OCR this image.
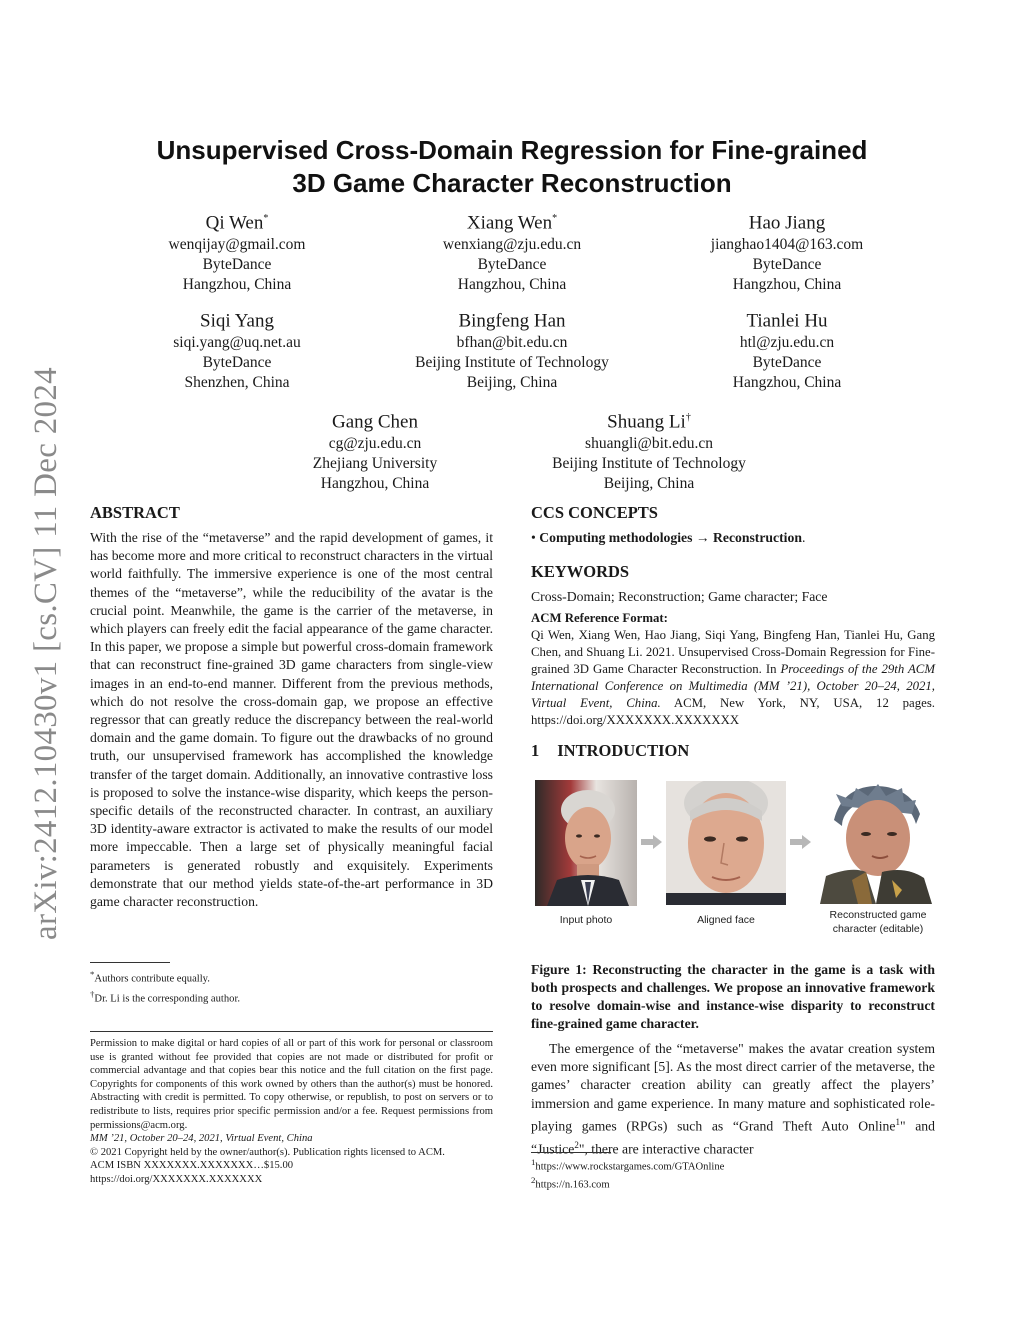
arXiv:2412.10430v1 [cs.CV] 11 Dec 2024
Unsupervised Cross-Domain Regression for Fine-grained
3D Game Character Reconstruction
Qi Wen*
wenqijay@gmail.com
ByteDance
Hangzhou, China
Xiang Wen*
wenxiang@zju.edu.cn
ByteDance
Hangzhou, China
Hao Jiang
jianghao1404@163.com
ByteDance
Hangzhou, China
Siqi Yang
siqi.yang@uq.net.au
ByteDance
Shenzhen, China
Bingfeng Han
bfhan@bit.edu.cn
Beijing Institute of Technology
Beijing, China
Tianlei Hu
htl@zju.edu.cn
ByteDance
Hangzhou, China
Gang Chen
cg@zju.edu.cn
Zhejiang University
Hangzhou, China
Shuang Li†
shuangli@bit.edu.cn
Beijing Institute of Technology
Beijing, China
ABSTRACT

With the rise of the “metaverse” and the rapid development of games, it has become more and more critical to reconstruct characters in the virtual world faithfully. The immersive experience is one of the most central themes of the “metaverse”, while the reducibility of the avatar is the crucial point. Meanwhile, the game is the carrier of the metaverse, in which players can freely edit the facial appearance of the game character. In this paper, we propose a simple but powerful cross-domain framework that can reconstruct fine-grained 3D game characters from single-view images in an end-to-end manner. Different from the previous methods, which do not resolve the cross-domain gap, we propose an effective regressor that can greatly reduce the discrepancy between the real-world domain and the game domain. To figure out the drawbacks of no ground truth, our unsupervised framework has accomplished the knowledge transfer of the target domain. Additionally, an innovative contrastive loss is proposed to solve the instance-wise disparity, which keeps the person-specific details of the reconstructed character. In contrast, an auxiliary 3D identity-aware extractor is activated to make the results of our model more impeccable. Then a large set of physically meaningful facial parameters is generated robustly and exquisitely. Experiments demonstrate that our method yields state-of-the-art performance in 3D game character reconstruction.

*Authors contribute equally.
†Dr. Li is the corresponding author.
Permission to make digital or hard copies of all or part of this work for personal or classroom use is granted without fee provided that copies are not made or distributed for profit or commercial advantage and that copies bear this notice and the full citation on the first page. Copyrights for components of this work owned by others than the author(s) must be honored. Abstracting with credit is permitted. To copy otherwise, or republish, to post on servers or to redistribute to lists, requires prior specific permission and/or a fee. Request permissions from permissions@acm.org.
MM ’21, October 20–24, 2021, Virtual Event, China
© 2021 Copyright held by the owner/author(s). Publication rights licensed to ACM.
ACM ISBN XXXXXXX.XXXXXXX…$15.00
https://doi.org/XXXXXXX.XXXXXXX
CCS CONCEPTS

• Computing methodologies → Reconstruction.

KEYWORDS

Cross-Domain; Reconstruction; Game character; Face

ACM Reference Format:

Qi Wen, Xiang Wen, Hao Jiang, Siqi Yang, Bingfeng Han, Tianlei Hu, Gang Chen, and Shuang Li. 2021. Unsupervised Cross-Domain Regression for Fine-grained 3D Game Character Reconstruction. In Proceedings of the 29th ACM International Conference on Multimedia (MM ’21), October 20–24, 2021, Virtual Event, China. ACM, New York, NY, USA, 12 pages. https://doi.org/XXXXXXX.XXXXXXX

1 INTRODUCTION
Input photo	Aligned face	Reconstructed game
character (editable)

Figure 1: Reconstructing the character in the game is a task with both prospects and challenges. We propose an innovative framework to resolve domain-wise and instance-wise disparity to reconstruct fine-grained game character.

The emergence of the “metaverse" makes the avatar creation system even more significant [5]. As the most direct carrier of the metaverse, the games’ character creation ability can greatly affect the players’ immersion and game experience. In many mature and sophisticated role-playing games (RPGs) such as “Grand Theft Auto Online$^1$" and “Justice$^2$", there are interactive character

$^1$https://www.rockstargames.com/GTAOnline
$^2$https://n.163.com
